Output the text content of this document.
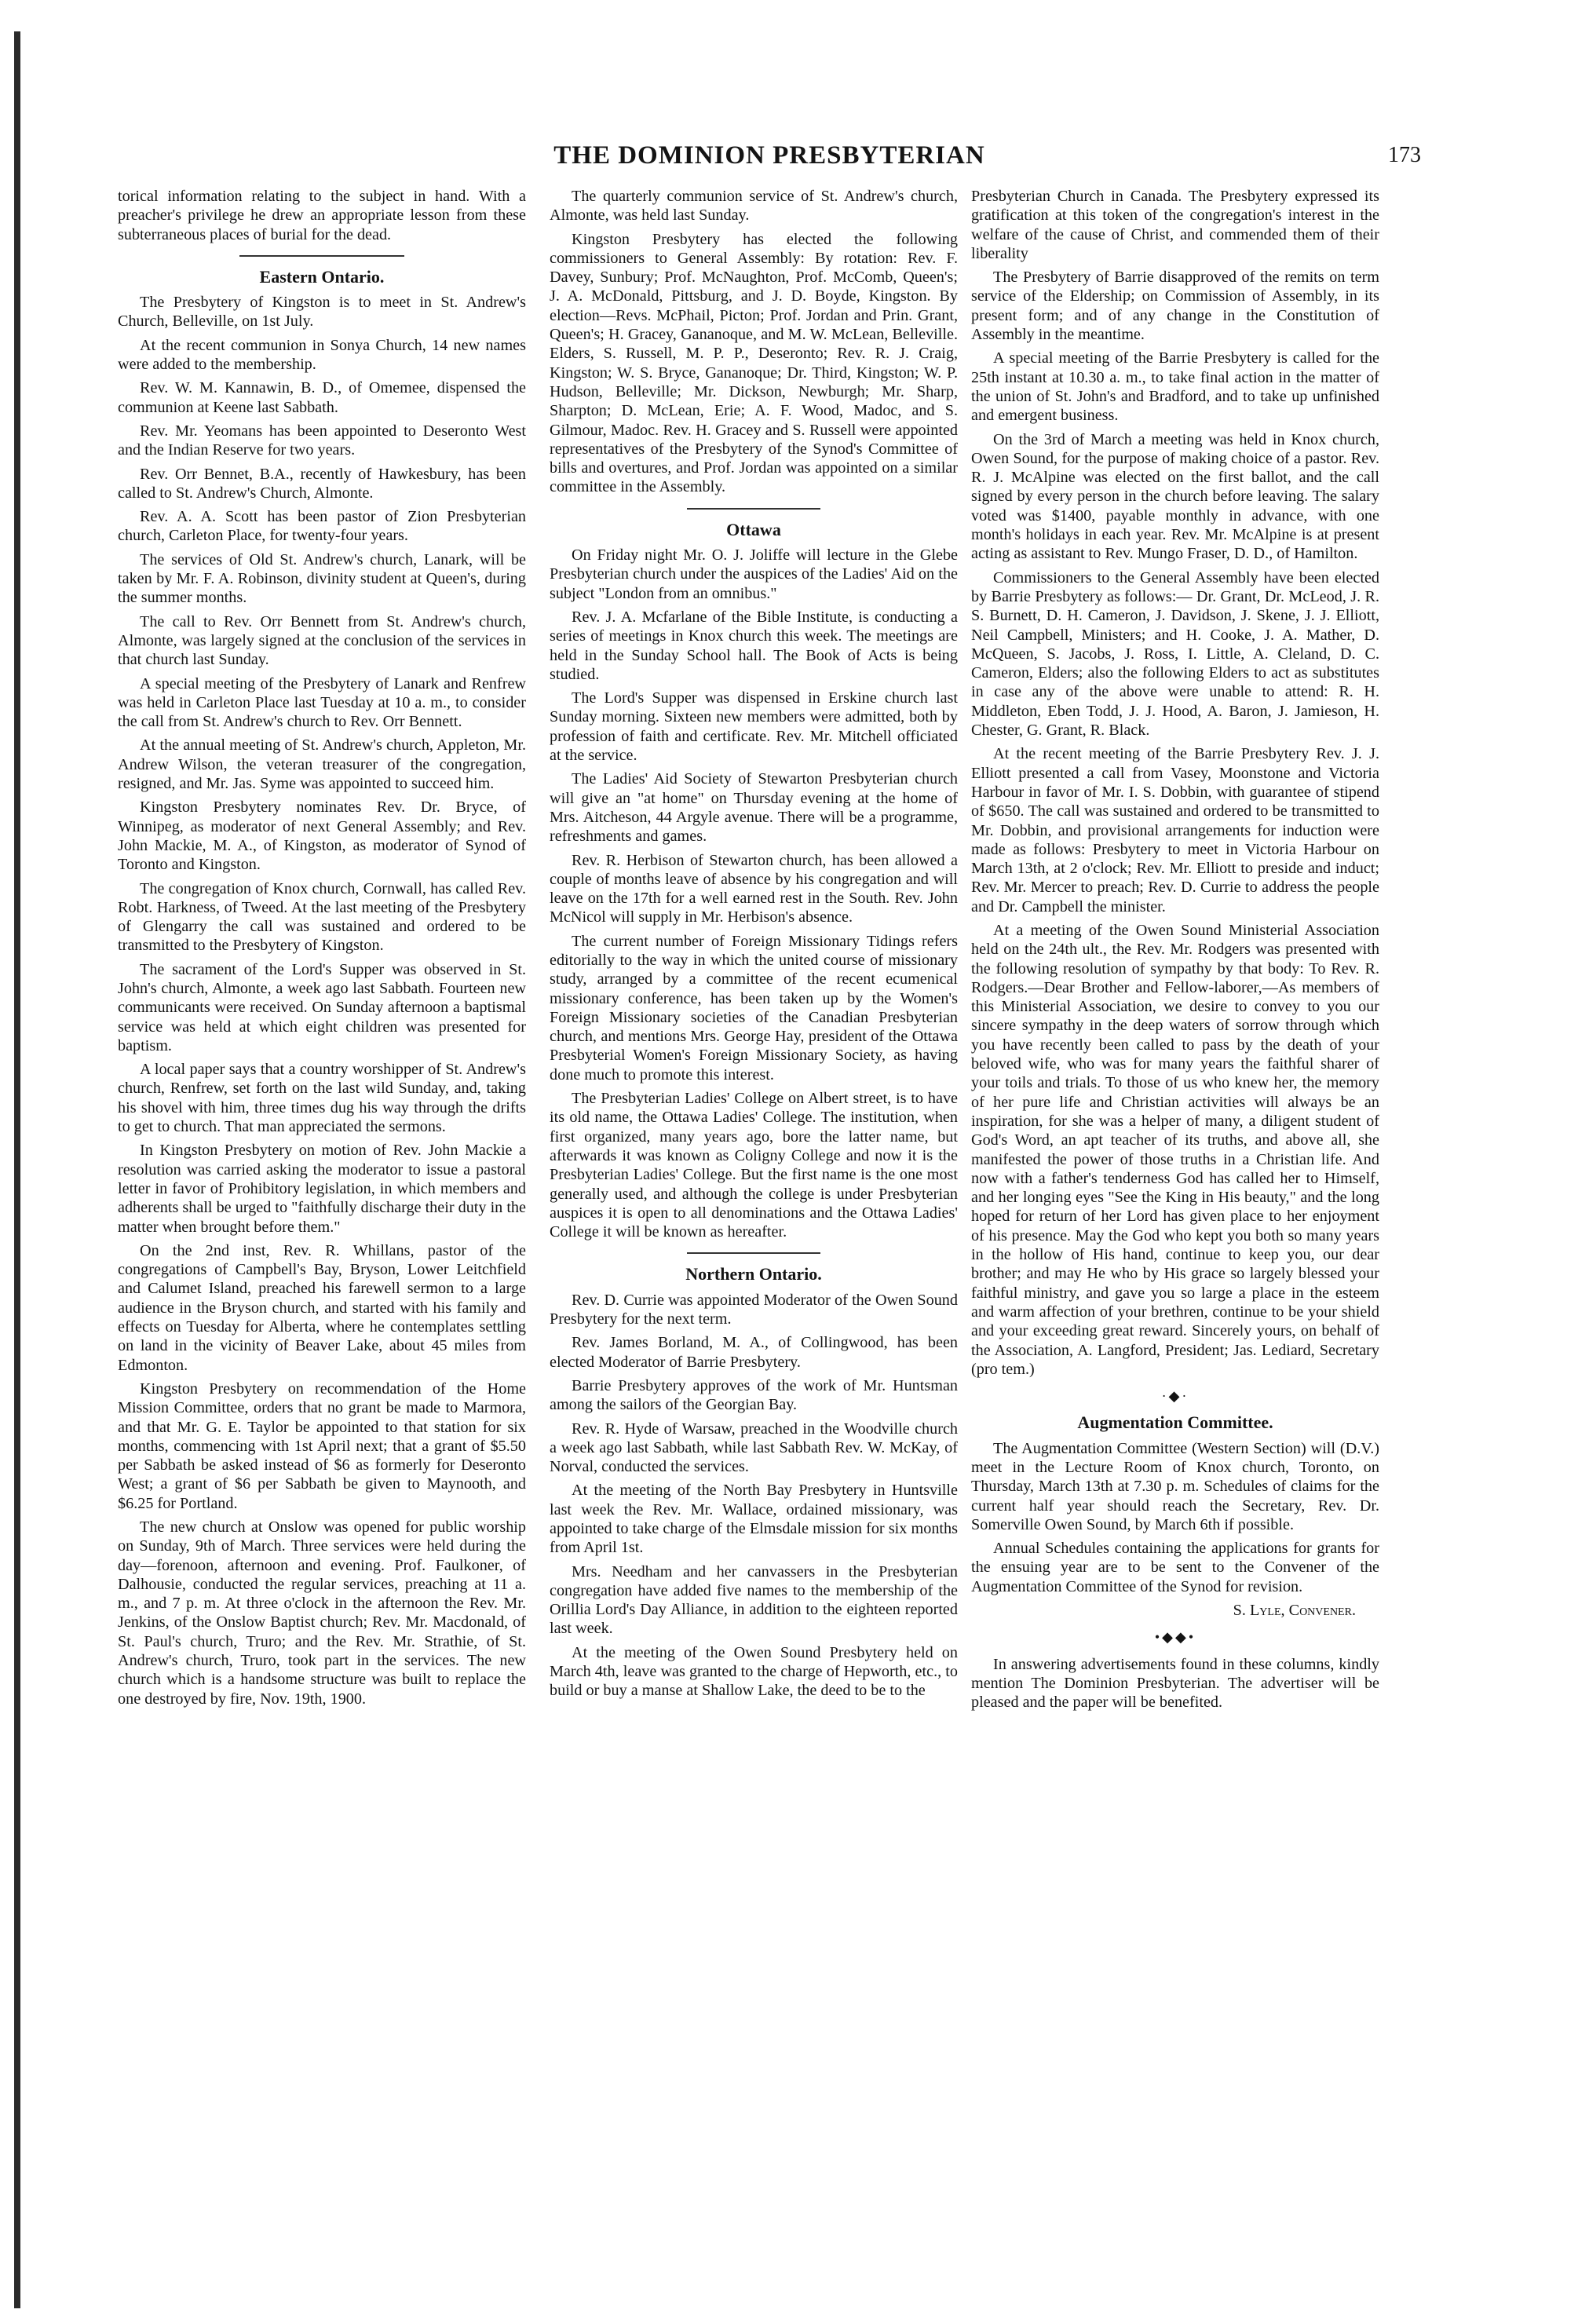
THE DOMINION PRESBYTERIAN	173

torical information relating to the subject in hand. With a preacher's privilege he drew an appropriate lesson from these subterraneous places of burial for the dead.

Eastern Ontario.

The Presbytery of Kingston is to meet in St. Andrew's Church, Belleville, on 1st July.

At the recent communion in Sonya Church, 14 new names were added to the membership.

Rev. W. M. Kannawin, B. D., of Omemee, dispensed the communion at Keene last Sabbath.

Rev. Mr. Yeomans has been appointed to Deseronto West and the Indian Reserve for two years.

Rev. Orr Bennet, B.A., recently of Hawkesbury, has been called to St. Andrew's Church, Almonte.

Rev. A. A. Scott has been pastor of Zion Presbyterian church, Carleton Place, for twenty-four years.

The services of Old St. Andrew's church, Lanark, will be taken by Mr. F. A. Robinson, divinity student at Queen's, during the summer months.

The call to Rev. Orr Bennett from St. Andrew's church, Almonte, was largely signed at the conclusion of the services in that church last Sunday.

A special meeting of the Presbytery of Lanark and Renfrew was held in Carleton Place last Tuesday at 10 a. m., to consider the call from St. Andrew's church to Rev. Orr Bennett.

At the annual meeting of St. Andrew's church, Appleton, Mr. Andrew Wilson, the veteran treasurer of the congregation, resigned, and Mr. Jas. Syme was appointed to succeed him.

Kingston Presbytery nominates Rev. Dr. Bryce, of Winnipeg, as moderator of next General Assembly; and Rev. John Mackie, M. A., of Kingston, as moderator of Synod of Toronto and Kingston.

The congregation of Knox church, Cornwall, has called Rev. Robt. Harkness, of Tweed. At the last meeting of the Presbytery of Glengarry the call was sustained and ordered to be transmitted to the Presbytery of Kingston.

The sacrament of the Lord's Supper was observed in St. John's church, Almonte, a week ago last Sabbath. Fourteen new communicants were received. On Sunday afternoon a baptismal service was held at which eight children was presented for baptism.

A local paper says that a country worshipper of St. Andrew's church, Renfrew, set forth on the last wild Sunday, and, taking his shovel with him, three times dug his way through the drifts to get to church. That man appreciated the sermons.

In Kingston Presbytery on motion of Rev. John Mackie a resolution was carried asking the moderator to issue a pastoral letter in favor of Prohibitory legislation, in which members and adherents shall be urged to "faithfully discharge their duty in the matter when brought before them."

On the 2nd inst, Rev. R. Whillans, pastor of the congregations of Campbell's Bay, Bryson, Lower Leitchfield and Calumet Island, preached his farewell sermon to a large audience in the Bryson church, and started with his family and effects on Tuesday for Alberta, where he contemplates settling on land in the vicinity of Beaver Lake, about 45 miles from Edmonton.

Kingston Presbytery on recommendation of the Home Mission Committee, orders that no grant be made to Marmora, and that Mr. G. E. Taylor be appointed to that station for six months, commencing with 1st April next; that a grant of $5.50 per Sabbath be asked instead of $6 as formerly for Deseronto West; a grant of $6 per Sabbath be given to Maynooth, and $6.25 for Portland.

The new church at Onslow was opened for public worship on Sunday, 9th of March. Three services were held during the day—forenoon, afternoon and evening. Prof. Faulkoner, of Dalhousie, conducted the regular services, preaching at 11 a. m., and 7 p. m. At three o'clock in the afternoon the Rev. Mr. Jenkins, of the Onslow Baptist church; Rev. Mr. Macdonald, of St. Paul's church, Truro; and the Rev. Mr. Strathie, of St. Andrew's church, Truro, took part in the services. The new church which is a handsome structure was built to replace the one destroyed by fire, Nov. 19th, 1900.

The quarterly communion service of St. Andrew's church, Almonte, was held last Sunday.

Kingston Presbytery has elected the following commissioners to General Assembly: By rotation: Rev. F. Davey, Sunbury; Prof. McNaughton, Prof. McComb, Queen's; J. A. McDonald, Pittsburg, and J. D. Boyde, Kingston. By election—Revs. McPhail, Picton; Prof. Jordan and Prin. Grant, Queen's; H. Gracey, Gananoque, and M. W. McLean, Belleville. Elders, S. Russell, M. P. P., Deseronto; Rev. R. J. Craig, Kingston; W. S. Bryce, Gananoque; Dr. Third, Kingston; W. P. Hudson, Belleville; Mr. Dickson, Newburgh; Mr. Sharp, Sharpton; D. McLean, Erie; A. F. Wood, Madoc, and S. Gilmour, Madoc. Rev. H. Gracey and S. Russell were appointed representatives of the Presbytery of the Synod's Committee of bills and overtures, and Prof. Jordan was appointed on a similar committee in the Assembly.

Ottawa

On Friday night Mr. O. J. Joliffe will lecture in the Glebe Presbyterian church under the auspices of the Ladies' Aid on the subject "London from an omnibus."

Rev. J. A. Mcfarlane of the Bible Institute, is conducting a series of meetings in Knox church this week. The meetings are held in the Sunday School hall. The Book of Acts is being studied.

The Lord's Supper was dispensed in Erskine church last Sunday morning. Sixteen new members were admitted, both by profession of faith and certificate. Rev. Mr. Mitchell officiated at the service.

The Ladies' Aid Society of Stewarton Presbyterian church will give an "at home" on Thursday evening at the home of Mrs. Aitcheson, 44 Argyle avenue. There will be a programme, refreshments and games.

Rev. R. Herbison of Stewarton church, has been allowed a couple of months leave of absence by his congregation and will leave on the 17th for a well earned rest in the South. Rev. John McNicol will supply in Mr. Herbison's absence.

The current number of Foreign Missionary Tidings refers editorially to the way in which the united course of missionary study, arranged by a committee of the recent ecumenical missionary conference, has been taken up by the Women's Foreign Missionary societies of the Canadian Presbyterian church, and mentions Mrs. George Hay, president of the Ottawa Presbyterial Women's Foreign Missionary Society, as having done much to promote this interest.

The Presbyterian Ladies' College on Albert street, is to have its old name, the Ottawa Ladies' College. The institution, when first organized, many years ago, bore the latter name, but afterwards it was known as Coligny College and now it is the Presbyterian Ladies' College. But the first name is the one most generally used, and although the college is under Presbyterian auspices it is open to all denominations and the Ottawa Ladies' College it will be known as hereafter.

Northern Ontario.

Rev. D. Currie was appointed Moderator of the Owen Sound Presbytery for the next term.

Rev. James Borland, M. A., of Collingwood, has been elected Moderator of Barrie Presbytery.

Barrie Presbytery approves of the work of Mr. Huntsman among the sailors of the Georgian Bay.

Rev. R. Hyde of Warsaw, preached in the Woodville church a week ago last Sabbath, while last Sabbath Rev. W. McKay, of Norval, conducted the services.

At the meeting of the North Bay Presbytery in Huntsville last week the Rev. Mr. Wallace, ordained missionary, was appointed to take charge of the Elmsdale mission for six months from April 1st.

Mrs. Needham and her canvassers in the Presbyterian congregation have added five names to the membership of the Orillia Lord's Day Alliance, in addition to the eighteen reported last week.

At the meeting of the Owen Sound Presbytery held on March 4th, leave was granted to the charge of Hepworth, etc., to build or buy a manse at Shallow Lake, the deed to be to the

Presbyterian Church in Canada. The Presbytery expressed its gratification at this token of the congregation's interest in the welfare of the cause of Christ, and commended them of their liberality

The Presbytery of Barrie disapproved of the remits on term service of the Eldership; on Commission of Assembly, in its present form; and of any change in the Constitution of Assembly in the meantime.

A special meeting of the Barrie Presbytery is called for the 25th instant at 10.30 a. m., to take final action in the matter of the union of St. John's and Bradford, and to take up unfinished and emergent business.

On the 3rd of March a meeting was held in Knox church, Owen Sound, for the purpose of making choice of a pastor. Rev. R. J. McAlpine was elected on the first ballot, and the call signed by every person in the church before leaving. The salary voted was $1400, payable monthly in advance, with one month's holidays in each year. Rev. Mr. McAlpine is at present acting as assistant to Rev. Mungo Fraser, D. D., of Hamilton.

Commissioners to the General Assembly have been elected by Barrie Presbytery as follows:— Dr. Grant, Dr. McLeod, J. R. S. Burnett, D. H. Cameron, J. Davidson, J. Skene, J. J. Elliott, Neil Campbell, Ministers; and H. Cooke, J. A. Mather, D. McQueen, S. Jacobs, J. Ross, I. Little, A. Cleland, D. C. Cameron, Elders; also the following Elders to act as substitutes in case any of the above were unable to attend: R. H. Middleton, Eben Todd, J. J. Hood, A. Baron, J. Jamieson, H. Chester, G. Grant, R. Black.

At the recent meeting of the Barrie Presbytery Rev. J. J. Elliott presented a call from Vasey, Moonstone and Victoria Harbour in favor of Mr. I. S. Dobbin, with guarantee of stipend of $650. The call was sustained and ordered to be transmitted to Mr. Dobbin, and provisional arrangements for induction were made as follows: Presbytery to meet in Victoria Harbour on March 13th, at 2 o'clock; Rev. Mr. Elliott to preside and induct; Rev. Mr. Mercer to preach; Rev. D. Currie to address the people and Dr. Campbell the minister.

At a meeting of the Owen Sound Ministerial Association held on the 24th ult., the Rev. Mr. Rodgers was presented with the following resolution of sympathy by that body: To Rev. R. Rodgers.—Dear Brother and Fellow-laborer,—As members of this Ministerial Association, we desire to convey to you our sincere sympathy in the deep waters of sorrow through which you have recently been called to pass by the death of your beloved wife, who was for many years the faithful sharer of your toils and trials. To those of us who knew her, the memory of her pure life and Christian activities will always be an inspiration, for she was a helper of many, a diligent student of God's Word, an apt teacher of its truths, and above all, she manifested the power of those truths in a Christian life. And now with a father's tenderness God has called her to Himself, and her longing eyes "See the King in His beauty," and the long hoped for return of her Lord has given place to her enjoyment of his presence. May the God who kept you both so many years in the hollow of His hand, continue to keep you, our dear brother; and may He who by His grace so largely blessed your faithful ministry, and gave you so large a place in the esteem and warm affection of your brethren, continue to be your shield and your exceeding great reward. Sincerely yours, on behalf of the Association, A. Langford, President; Jas. Lediard, Secretary (pro tem.)

·◆·
Augmentation Committee.

The Augmentation Committee (Western Section) will (D.V.) meet in the Lecture Room of Knox church, Toronto, on Thursday, March 13th at 7.30 p. m. Schedules of claims for the current half year should reach the Secretary, Rev. Dr. Somerville Owen Sound, by March 6th if possible.

Annual Schedules containing the applications for grants for the ensuing year are to be sent to the Convener of the Augmentation Committee of the Synod for revision.

S. Lyle, Convener.
•◆◆•

In answering advertisements found in these columns, kindly mention The Dominion Presbyterian. The advertiser will be pleased and the paper will be benefited.
